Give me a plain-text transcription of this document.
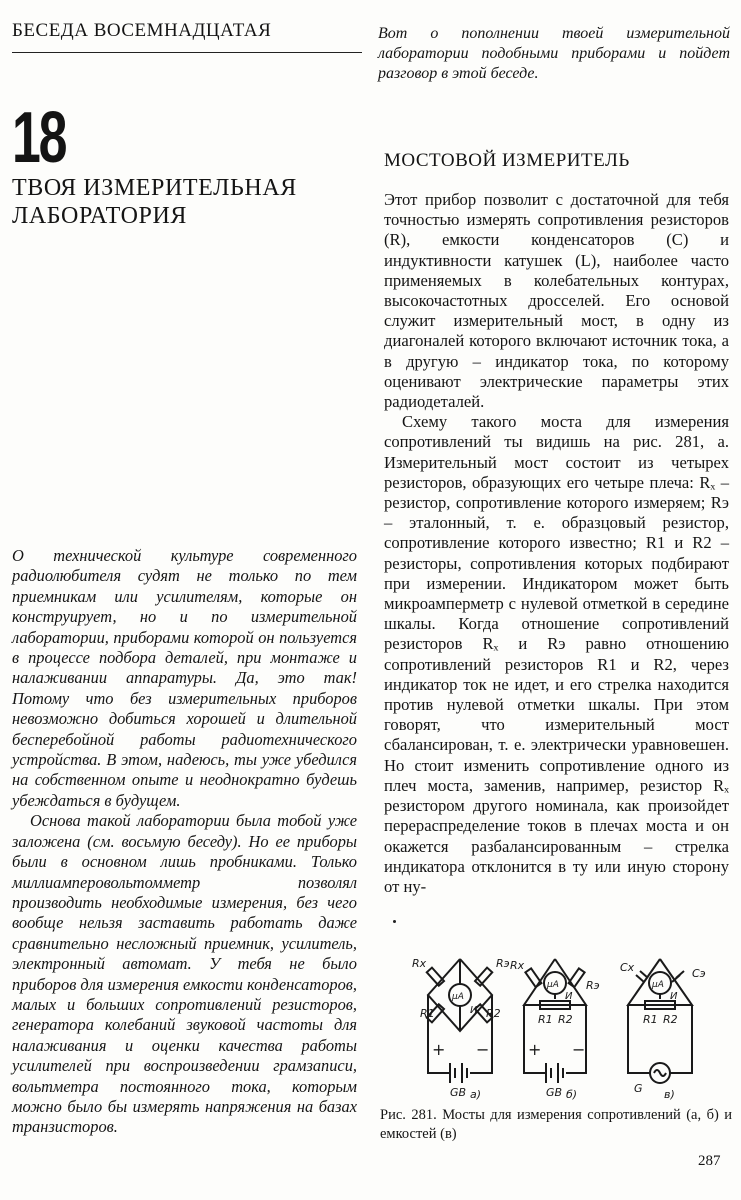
БЕСЕДА ВОСЕМНАДЦАТАЯ	Вот о пополнении твоей измерительной лаборатории подобными приборами и пойдет разговор в этой беседе.
18
ТВОЯ ИЗМЕРИТЕЛЬНАЯ
ЛАБОРАТОРИЯ
МОСТОВОЙ ИЗМЕРИТЕЛЬ

Этот прибор позволит с достаточной для тебя точностью измерять сопротивления резисторов (R), емкости конденсаторов (C) и индуктивности катушек (L), наиболее часто применяемых в колебательных контурах, высокочастотных дросселей. Его основой служит измерительный мост, в одну из диагоналей которого включают источник тока, а в другую – индикатор тока, по которому оценивают электрические параметры этих радиодеталей.

Схему такого моста для измерения сопротивлений ты видишь на рис. 281, а. Измерительный мост состоит из четырех резисторов, образующих его четыре плеча: Rₓ – резистор, сопротивление которого измеряем; Rэ – эталонный, т. е. образцовый резистор, сопротивление которого известно; R1 и R2 – резисторы, сопротивления которых подбирают при измерении. Индикатором может быть микроамперметр с нулевой отметкой в середине шкалы. Когда отношение сопротивлений резисторов Rₓ и Rэ равно отношению сопротивлений резисторов R1 и R2, через индикатор ток не идет, и его стрелка находится против нулевой отметки шкалы. При этом говорят, что измерительный мост сбалансирован, т. е. электрически уравновешен. Но стоит изменить сопротивление одного из плеч моста, заменив, например, резистор Rₓ резистором другого номинала, как произойдет перераспределение токов в плечах моста и он окажется разбалансированным – стрелка индикатора отклонится в ту или иную сторону от ну-

О технической культуре современного радиолюбителя судят не только по тем приемникам или усилителям, которые он конструирует, но и по измерительной лаборатории, приборами которой он пользуется в процессе подбора деталей, при монтаже и налаживании аппаратуры. Да, это так! Потому что без измерительных приборов невозможно добиться хорошей и длительной бесперебойной работы радиотехнического устройства. В этом, надеюсь, ты уже убедился на собственном опыте и неоднократно будешь убеждаться в будущем.

Основа такой лаборатории была тобой уже заложена (см. восьмую беседу). Но ее приборы были в основном лишь пробниками. Только миллиамперовольтомметр позволял производить необходимые измерения, без чего вообще нельзя заставить работать даже сравнительно несложный приемник, усилитель, электронный автомат. У тебя не было приборов для измерения емкости конденсаторов, малых и больших сопротивлений резисторов, генератора колебаний звуковой частоты для налаживания и оценки качества работы усилителей при воспроизведении грамзаписи, вольтметра постоянного тока, которым можно было бы измерять напряжения на базах транзисторов.

Rx	Rэ
μA
И
R1	R2
+ −
GB а)
Rx
Rэ
μA
И
R1 R2
+ −
GB б)
Cx	Cэ
μA
И
R1 R2
G в)
Рис. 281. Мосты для измерения сопротивлений (а, б) и емкостей (в)
287
